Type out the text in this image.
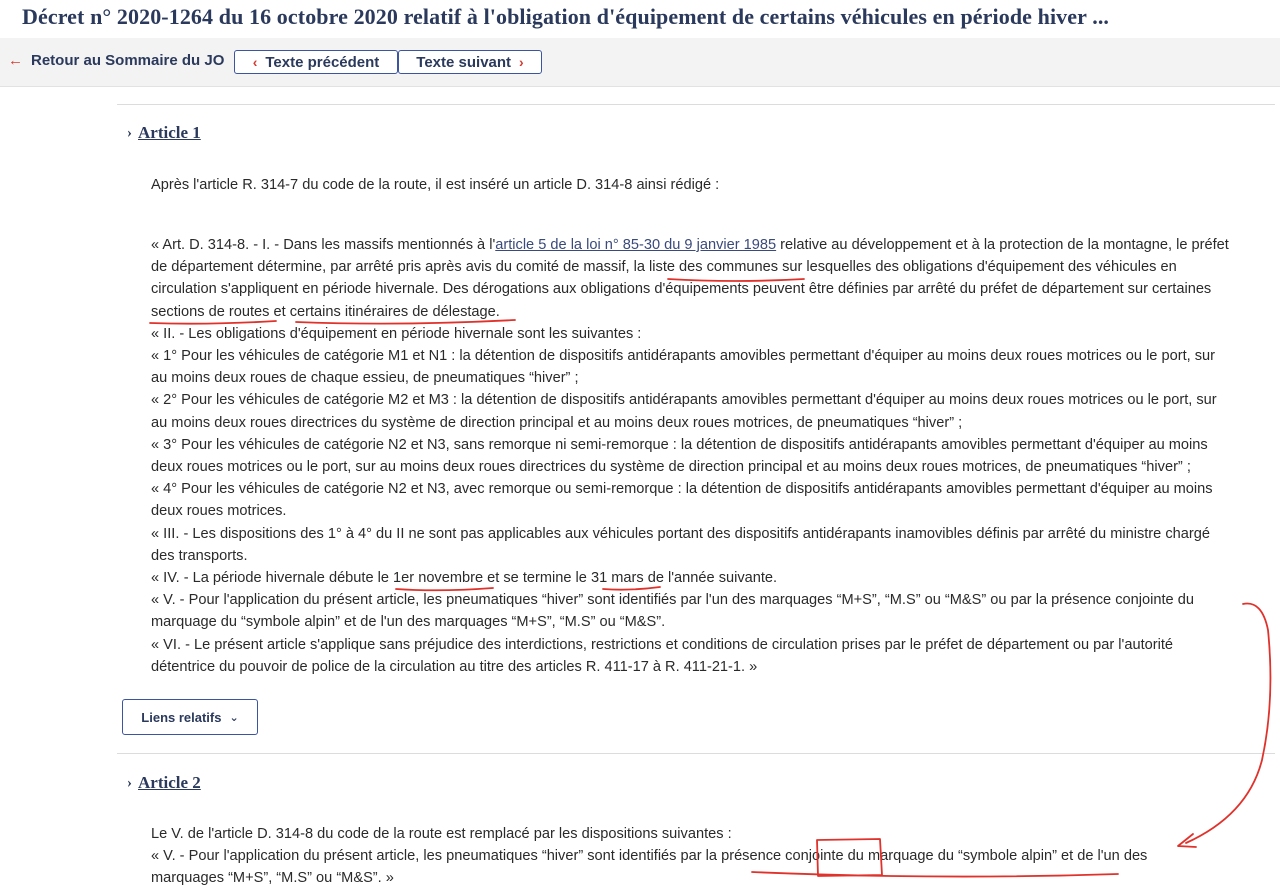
Décret n° 2020-1264 du 16 octobre 2020 relatif à l'obligation d'équipement de certains véhicules en période hiver ...
← Retour au Sommaire du JO ‹ Texte précédent Texte suivant ›
› Article 1
Après l'article R. 314-7 du code de la route, il est inséré un article D. 314-8 ainsi rédigé :
« Art. D. 314-8. - I. - Dans les massifs mentionnés à l'article 5 de la loi n° 85-30 du 9 janvier 1985 relative au développement et à la protection de la montagne, le préfet
de département détermine, par arrêté pris après avis du comité de massif, la liste des communes sur lesquelles des obligations d'équipement des véhicules en
circulation s'appliquent en période hivernale. Des dérogations aux obligations d'équipements peuvent être définies par arrêté du préfet de département sur certaines
sections de routes et certains itinéraires de délestage.
« II. - Les obligations d'équipement en période hivernale sont les suivantes :
« 1° Pour les véhicules de catégorie M1 et N1 : la détention de dispositifs antidérapants amovibles permettant d'équiper au moins deux roues motrices ou le port, sur
au moins deux roues de chaque essieu, de pneumatiques “hiver” ;
« 2° Pour les véhicules de catégorie M2 et M3 : la détention de dispositifs antidérapants amovibles permettant d'équiper au moins deux roues motrices ou le port, sur
au moins deux roues directrices du système de direction principal et au moins deux roues motrices, de pneumatiques “hiver” ;
« 3° Pour les véhicules de catégorie N2 et N3, sans remorque ni semi-remorque : la détention de dispositifs antidérapants amovibles permettant d'équiper au moins
deux roues motrices ou le port, sur au moins deux roues directrices du système de direction principal et au moins deux roues motrices, de pneumatiques “hiver” ;
« 4° Pour les véhicules de catégorie N2 et N3, avec remorque ou semi-remorque : la détention de dispositifs antidérapants amovibles permettant d'équiper au moins
deux roues motrices.
« III. - Les dispositions des 1° à 4° du II ne sont pas applicables aux véhicules portant des dispositifs antidérapants inamovibles définis par arrêté du ministre chargé
des transports.
« IV. - La période hivernale débute le 1er novembre et se termine le 31 mars de l'année suivante.
« V. - Pour l'application du présent article, les pneumatiques “hiver” sont identifiés par l'un des marquages “M+S”, “M.S” ou “M&S” ou par la présence conjointe du
marquage du “symbole alpin” et de l'un des marquages “M+S”, “M.S” ou “M&S”.
« VI. - Le présent article s'applique sans préjudice des interdictions, restrictions et conditions de circulation prises par le préfet de département ou par l'autorité
détentrice du pouvoir de police de la circulation au titre des articles R. 411-17 à R. 411-21-1. »
Liens relatifs ⌄
› Article 2
Le V. de l'article D. 314-8 du code de la route est remplacé par les dispositions suivantes :
« V. - Pour l'application du présent article, les pneumatiques “hiver” sont identifiés par la présence conjointe du marquage du “symbole alpin” et de l'un des
marquages “M+S”, “M.S” ou “M&S”. »
